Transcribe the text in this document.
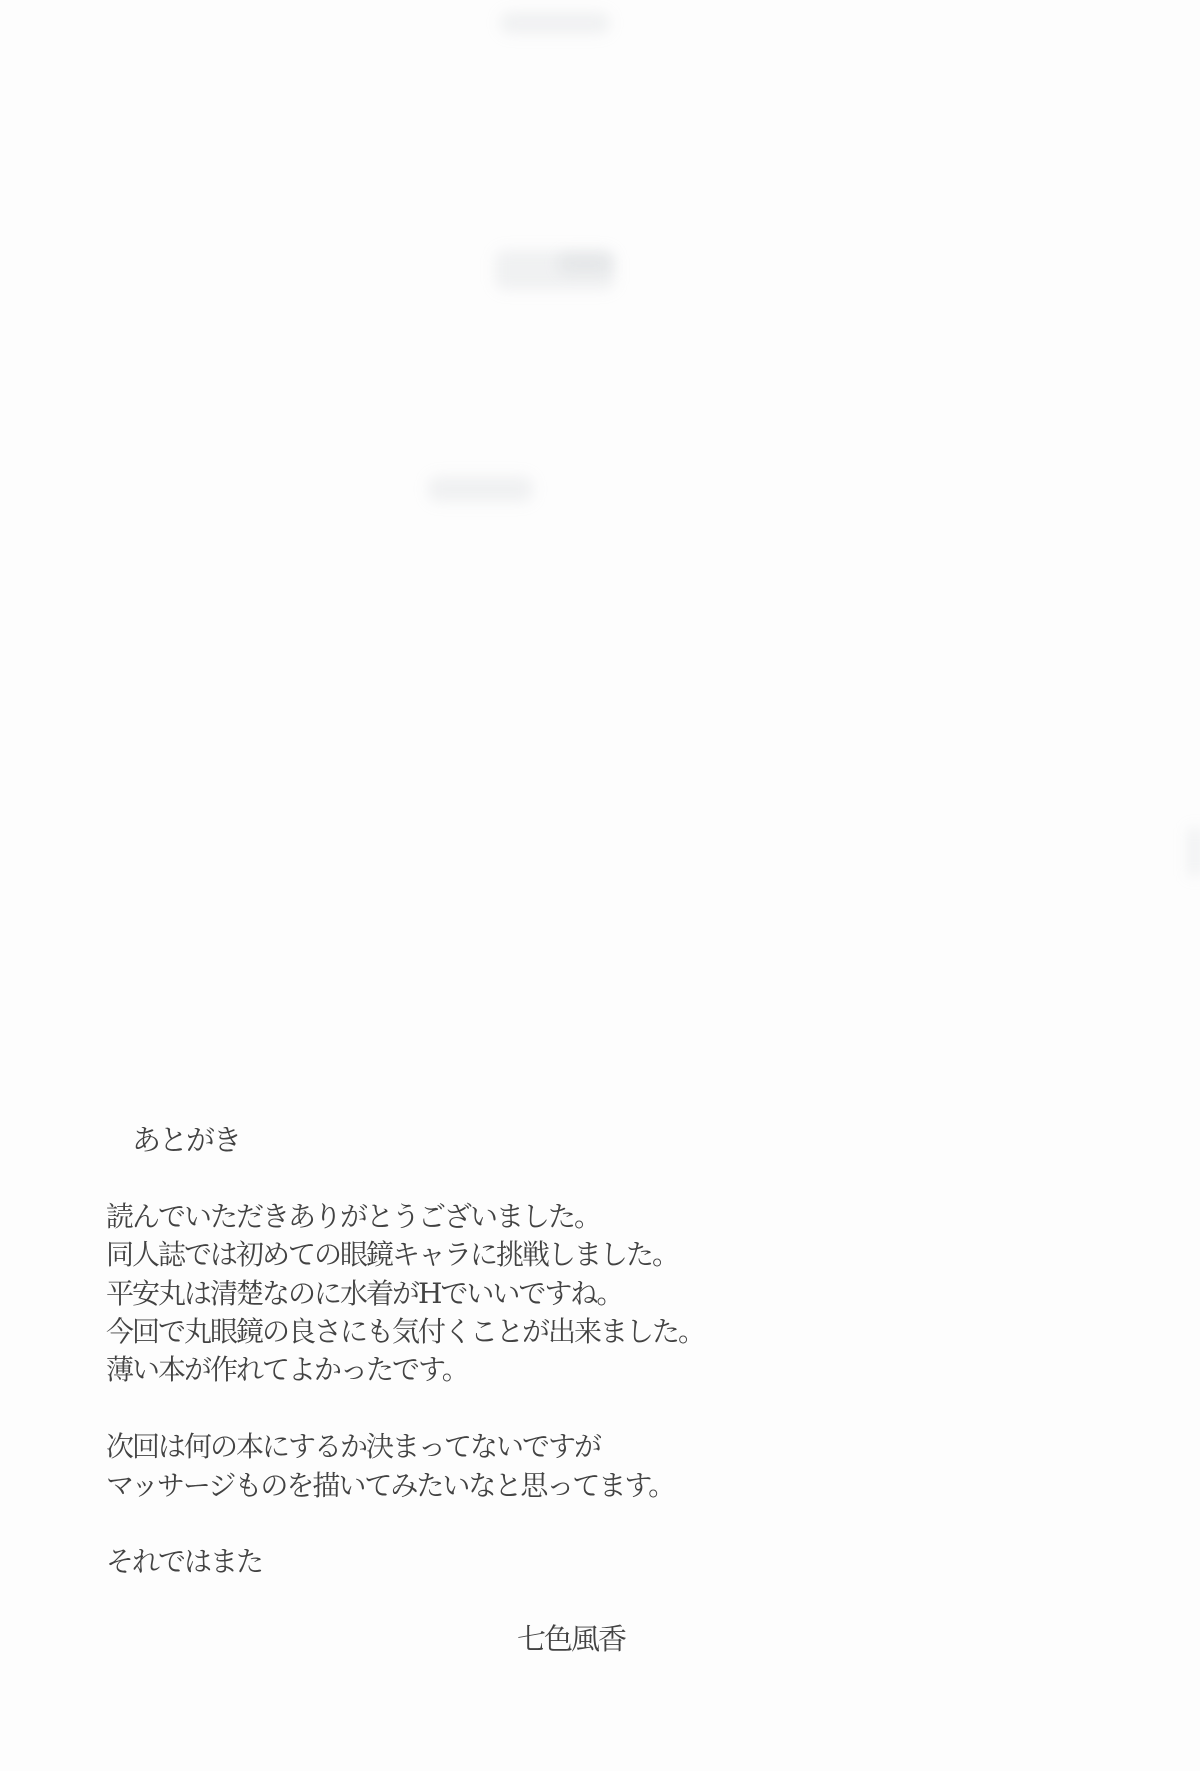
あとがき

読んでいただきありがとうございました。
同人誌では初めての眼鏡キャラに挑戦しました。
平安丸は清楚なのに水着がHでいいですね。
今回で丸眼鏡の良さにも気付くことが出来ました。
薄い本が作れてよかったです。

次回は何の本にするか決まってないですが
マッサージものを描いてみたいなと思ってます。

それではまた

七色風香
